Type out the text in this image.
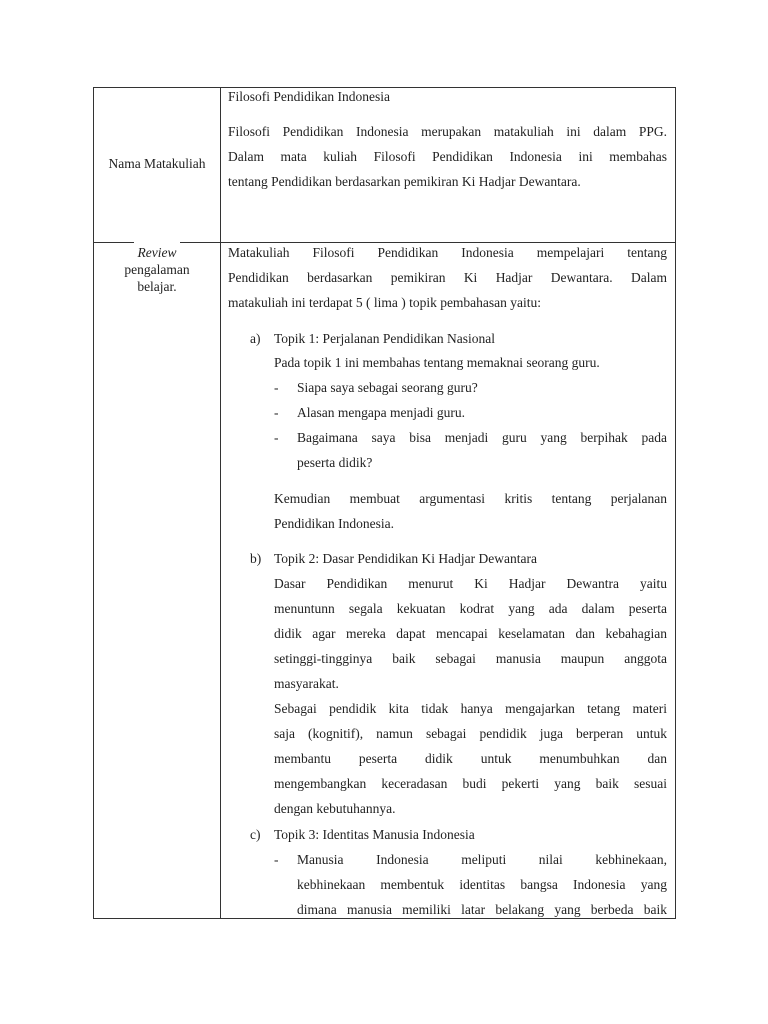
Nama Matakuliah
Filosofi Pendidikan Indonesia
Filosofi Pendidikan Indonesia merupakan matakuliah ini dalam PPG.
Dalam mata kuliah Filosofi Pendidikan Indonesia ini membahas
tentang Pendidikan berdasarkan pemikiran Ki Hadjar Dewantara.
Review
pengalaman
belajar.
Matakuliah Filosofi Pendidikan Indonesia mempelajari tentang
Pendidikan berdasarkan pemikiran Ki Hadjar Dewantara. Dalam
matakuliah ini terdapat 5 ( lima ) topik pembahasan yaitu:
a) Topik 1: Perjalanan Pendidikan Nasional
Pada topik 1 ini membahas tentang memaknai seorang guru.
- Siapa saya sebagai seorang guru?
- Alasan mengapa menjadi guru.
- Bagaimana saya bisa menjadi guru yang berpihak pada
peserta didik?
Kemudian membuat argumentasi kritis tentang perjalanan
Pendidikan Indonesia.
b) Topik 2: Dasar Pendidikan Ki Hadjar Dewantara
Dasar Pendidikan menurut Ki Hadjar Dewantra yaitu
menuntunn segala kekuatan kodrat yang ada dalam peserta
didik agar mereka dapat mencapai keselamatan dan kebahagian
setinggi-tingginya baik sebagai manusia maupun anggota
masyarakat.
Sebagai pendidik kita tidak hanya mengajarkan tetang materi
saja (kognitif), namun sebagai pendidik juga berperan untuk
membantu peserta didik untuk menumbuhkan dan
mengembangkan keceradasan budi pekerti yang baik sesuai
dengan kebutuhannya.
c) Topik 3: Identitas Manusia Indonesia
- Manusia Indonesia meliputi nilai kebhinekaan,
kebhinekaan membentuk identitas bangsa Indonesia yang
dimana manusia memiliki latar belakang yang berbeda baik
